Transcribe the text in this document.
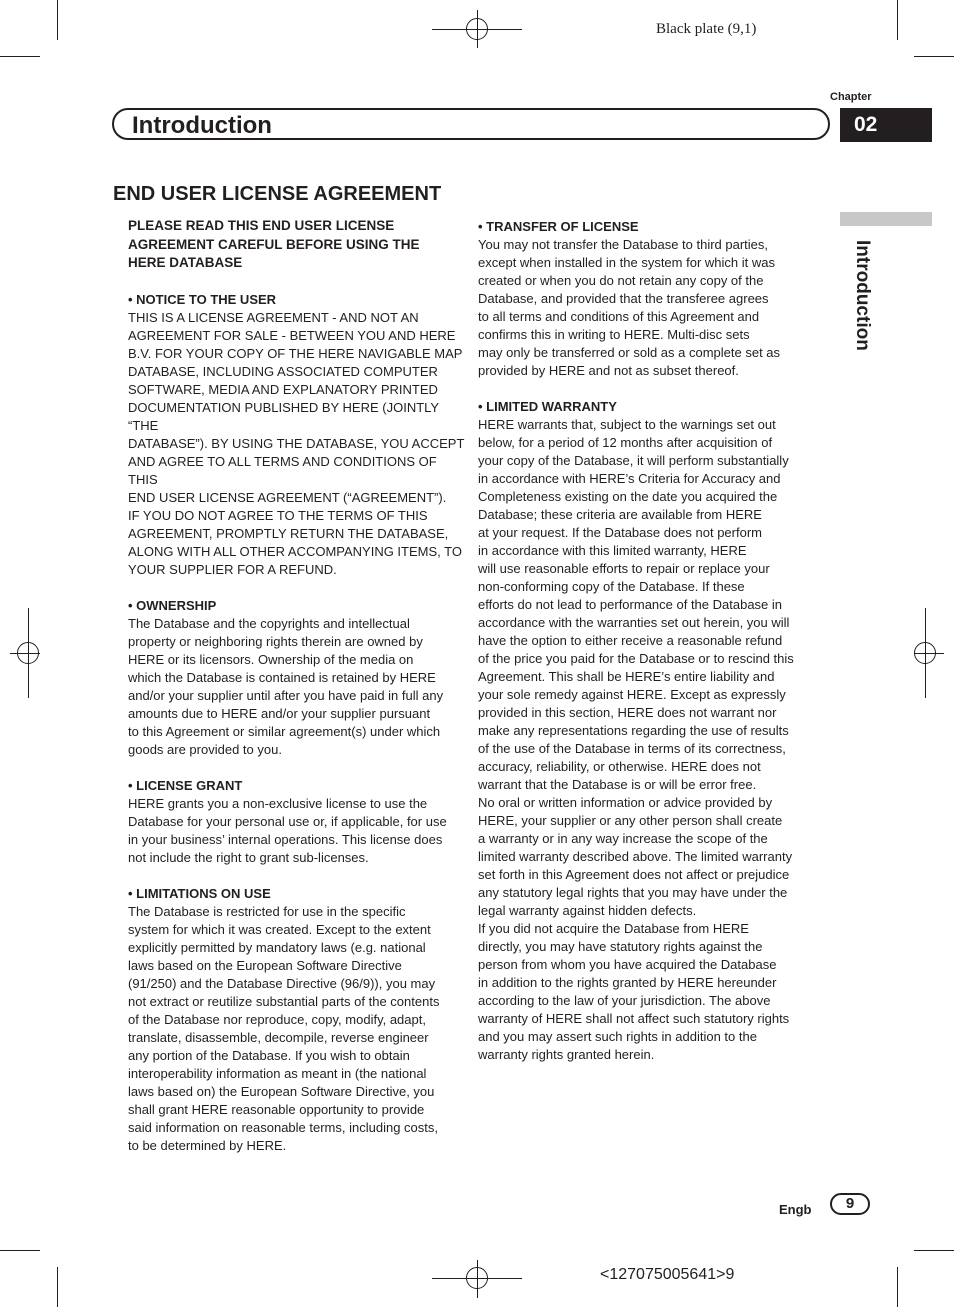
Black plate (9,1)
Introduction
Chapter
02
Introduction
END USER LICENSE AGREEMENT

PLEASE READ THIS END USER LICENSE

AGREEMENT CAREFUL BEFORE USING THE

HERE DATABASE

• NOTICE TO THE USER

THIS IS A LICENSE AGREEMENT - AND NOT AN

AGREEMENT FOR SALE - BETWEEN YOU AND HERE

B.V. FOR YOUR COPY OF THE HERE NAVIGABLE MAP

DATABASE, INCLUDING ASSOCIATED COMPUTER

SOFTWARE, MEDIA AND EXPLANATORY PRINTED

DOCUMENTATION PUBLISHED BY HERE (JOINTLY “THE

DATABASE”). BY USING THE DATABASE, YOU ACCEPT

AND AGREE TO ALL TERMS AND CONDITIONS OF THIS

END USER LICENSE AGREEMENT (“AGREEMENT”).

IF YOU DO NOT AGREE TO THE TERMS OF THIS

AGREEMENT, PROMPTLY RETURN THE DATABASE,

ALONG WITH ALL OTHER ACCOMPANYING ITEMS, TO

YOUR SUPPLIER FOR A REFUND.

• OWNERSHIP

The Database and the copyrights and intellectual

property or neighboring rights therein are owned by

HERE or its licensors. Ownership of the media on

which the Database is contained is retained by HERE

and/or your supplier until after you have paid in full any

amounts due to HERE and/or your supplier pursuant

to this Agreement or similar agreement(s) under which

goods are provided to you.

• LICENSE GRANT

HERE grants you a non-exclusive license to use the

Database for your personal use or, if applicable, for use

in your business’ internal operations. This license does

not include the right to grant sub-licenses.

• LIMITATIONS ON USE

The Database is restricted for use in the specific

system for which it was created. Except to the extent

explicitly permitted by mandatory laws (e.g. national

laws based on the European Software Directive

(91/250) and the Database Directive (96/9)), you may

not extract or reutilize substantial parts of the contents

of the Database nor reproduce, copy, modify, adapt,

translate, disassemble, decompile, reverse engineer

any portion of the Database. If you wish to obtain

interoperability information as meant in (the national

laws based on) the European Software Directive, you

shall grant HERE reasonable opportunity to provide

said information on reasonable terms, including costs,

to be determined by HERE.

• TRANSFER OF LICENSE

You may not transfer the Database to third parties,

except when installed in the system for which it was

created or when you do not retain any copy of the

Database, and provided that the transferee agrees

to all terms and conditions of this Agreement and

confirms this in writing to HERE. Multi-disc sets

may only be transferred or sold as a complete set as

provided by HERE and not as subset thereof.

• LIMITED WARRANTY

HERE warrants that, subject to the warnings set out

below, for a period of 12 months after acquisition of

your copy of the Database, it will perform substantially

in accordance with HERE’s Criteria for Accuracy and

Completeness existing on the date you acquired the

Database; these criteria are available from HERE

at your request. If the Database does not perform

in accordance with this limited warranty, HERE

will use reasonable efforts to repair or replace your

non-conforming copy of the Database. If these

efforts do not lead to performance of the Database in

accordance with the warranties set out herein, you will

have the option to either receive a reasonable refund

of the price you paid for the Database or to rescind this

Agreement. This shall be HERE’s entire liability and

your sole remedy against HERE. Except as expressly

provided in this section, HERE does not warrant nor

make any representations regarding the use of results

of the use of the Database in terms of its correctness,

accuracy, reliability, or otherwise. HERE does not

warrant that the Database is or will be error free.

No oral or written information or advice provided by

HERE, your supplier or any other person shall create

a warranty or in any way increase the scope of the

limited warranty described above. The limited warranty

set forth in this Agreement does not affect or prejudice

any statutory legal rights that you may have under the

legal warranty against hidden defects.

If you did not acquire the Database from HERE

directly, you may have statutory rights against the

person from whom you have acquired the Database

in addition to the rights granted by HERE hereunder

according to the law of your jurisdiction. The above

warranty of HERE shall not affect such statutory rights

and you may assert such rights in addition to the

warranty rights granted herein.

Engb	9
<127075005641>9
